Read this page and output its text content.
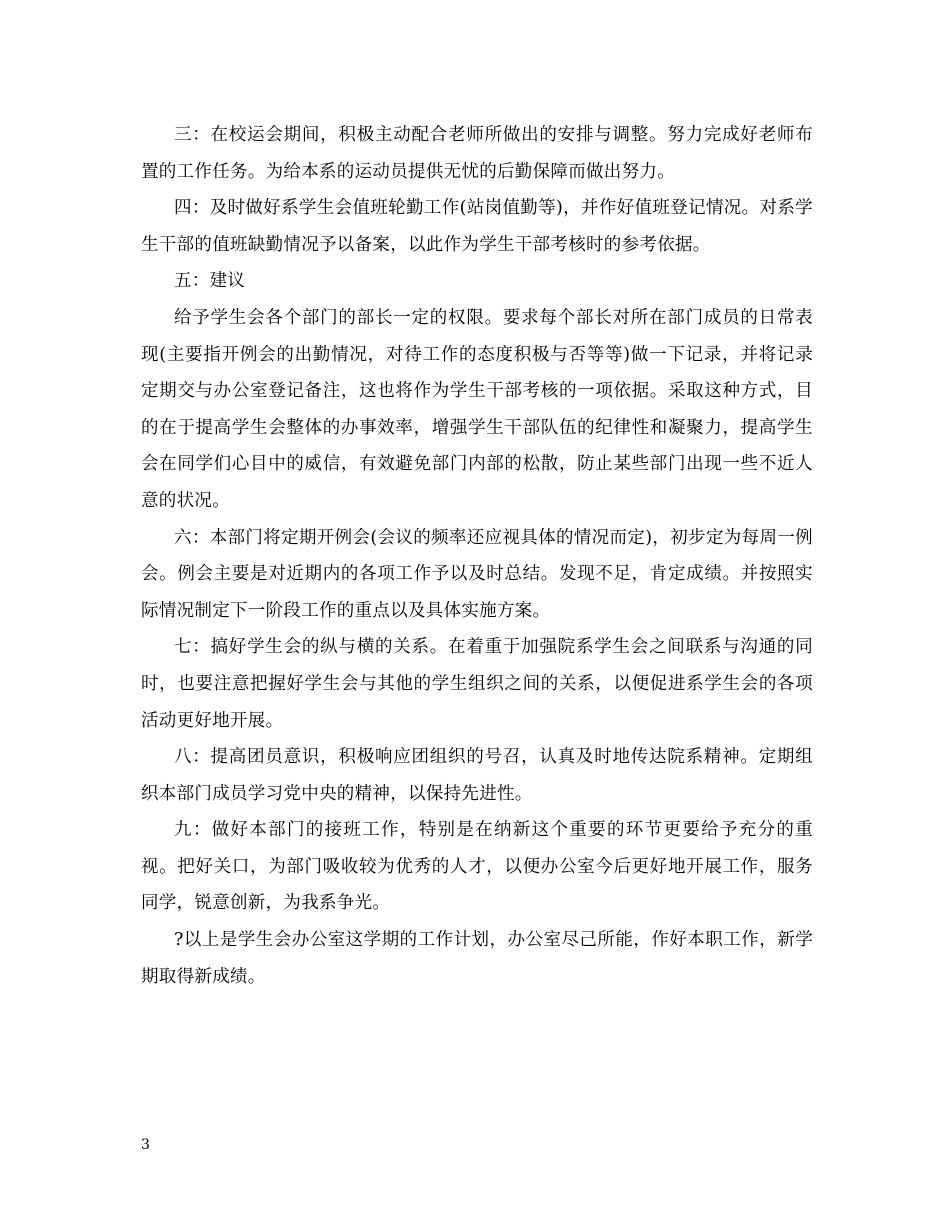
三：在校运会期间，积极主动配合老师所做出的安排与调整。努力完成好老师布置的工作任务。为给本系的运动员提供无忧的后勤保障而做出努力。

四：及时做好系学生会值班轮勤工作(站岗值勤等)，并作好值班登记情况。对系学生干部的值班缺勤情况予以备案，以此作为学生干部考核时的参考依据。

五：建议

给予学生会各个部门的部长一定的权限。要求每个部长对所在部门成员的日常表现(主要指开例会的出勤情况，对待工作的态度积极与否等等)做一下记录，并将记录定期交与办公室登记备注，这也将作为学生干部考核的一项依据。采取这种方式，目的在于提高学生会整体的办事效率，增强学生干部队伍的纪律性和凝聚力，提高学生会在同学们心目中的威信，有效避免部门内部的松散，防止某些部门出现一些不近人意的状况。

六：本部门将定期开例会(会议的频率还应视具体的情况而定)，初步定为每周一例会。例会主要是对近期内的各项工作予以及时总结。发现不足，肯定成绩。并按照实际情况制定下一阶段工作的重点以及具体实施方案。

七：搞好学生会的纵与横的关系。在着重于加强院系学生会之间联系与沟通的同时，也要注意把握好学生会与其他的学生组织之间的关系，以便促进系学生会的各项活动更好地开展。

八：提高团员意识，积极响应团组织的号召，认真及时地传达院系精神。定期组织本部门成员学习党中央的精神，以保持先进性。

九：做好本部门的接班工作，特别是在纳新这个重要的环节更要给予充分的重视。把好关口，为部门吸收较为优秀的人才，以便办公室今后更好地开展工作，服务同学，锐意创新，为我系争光。

?以上是学生会办公室这学期的工作计划，办公室尽己所能，作好本职工作，新学期取得新成绩。

3
